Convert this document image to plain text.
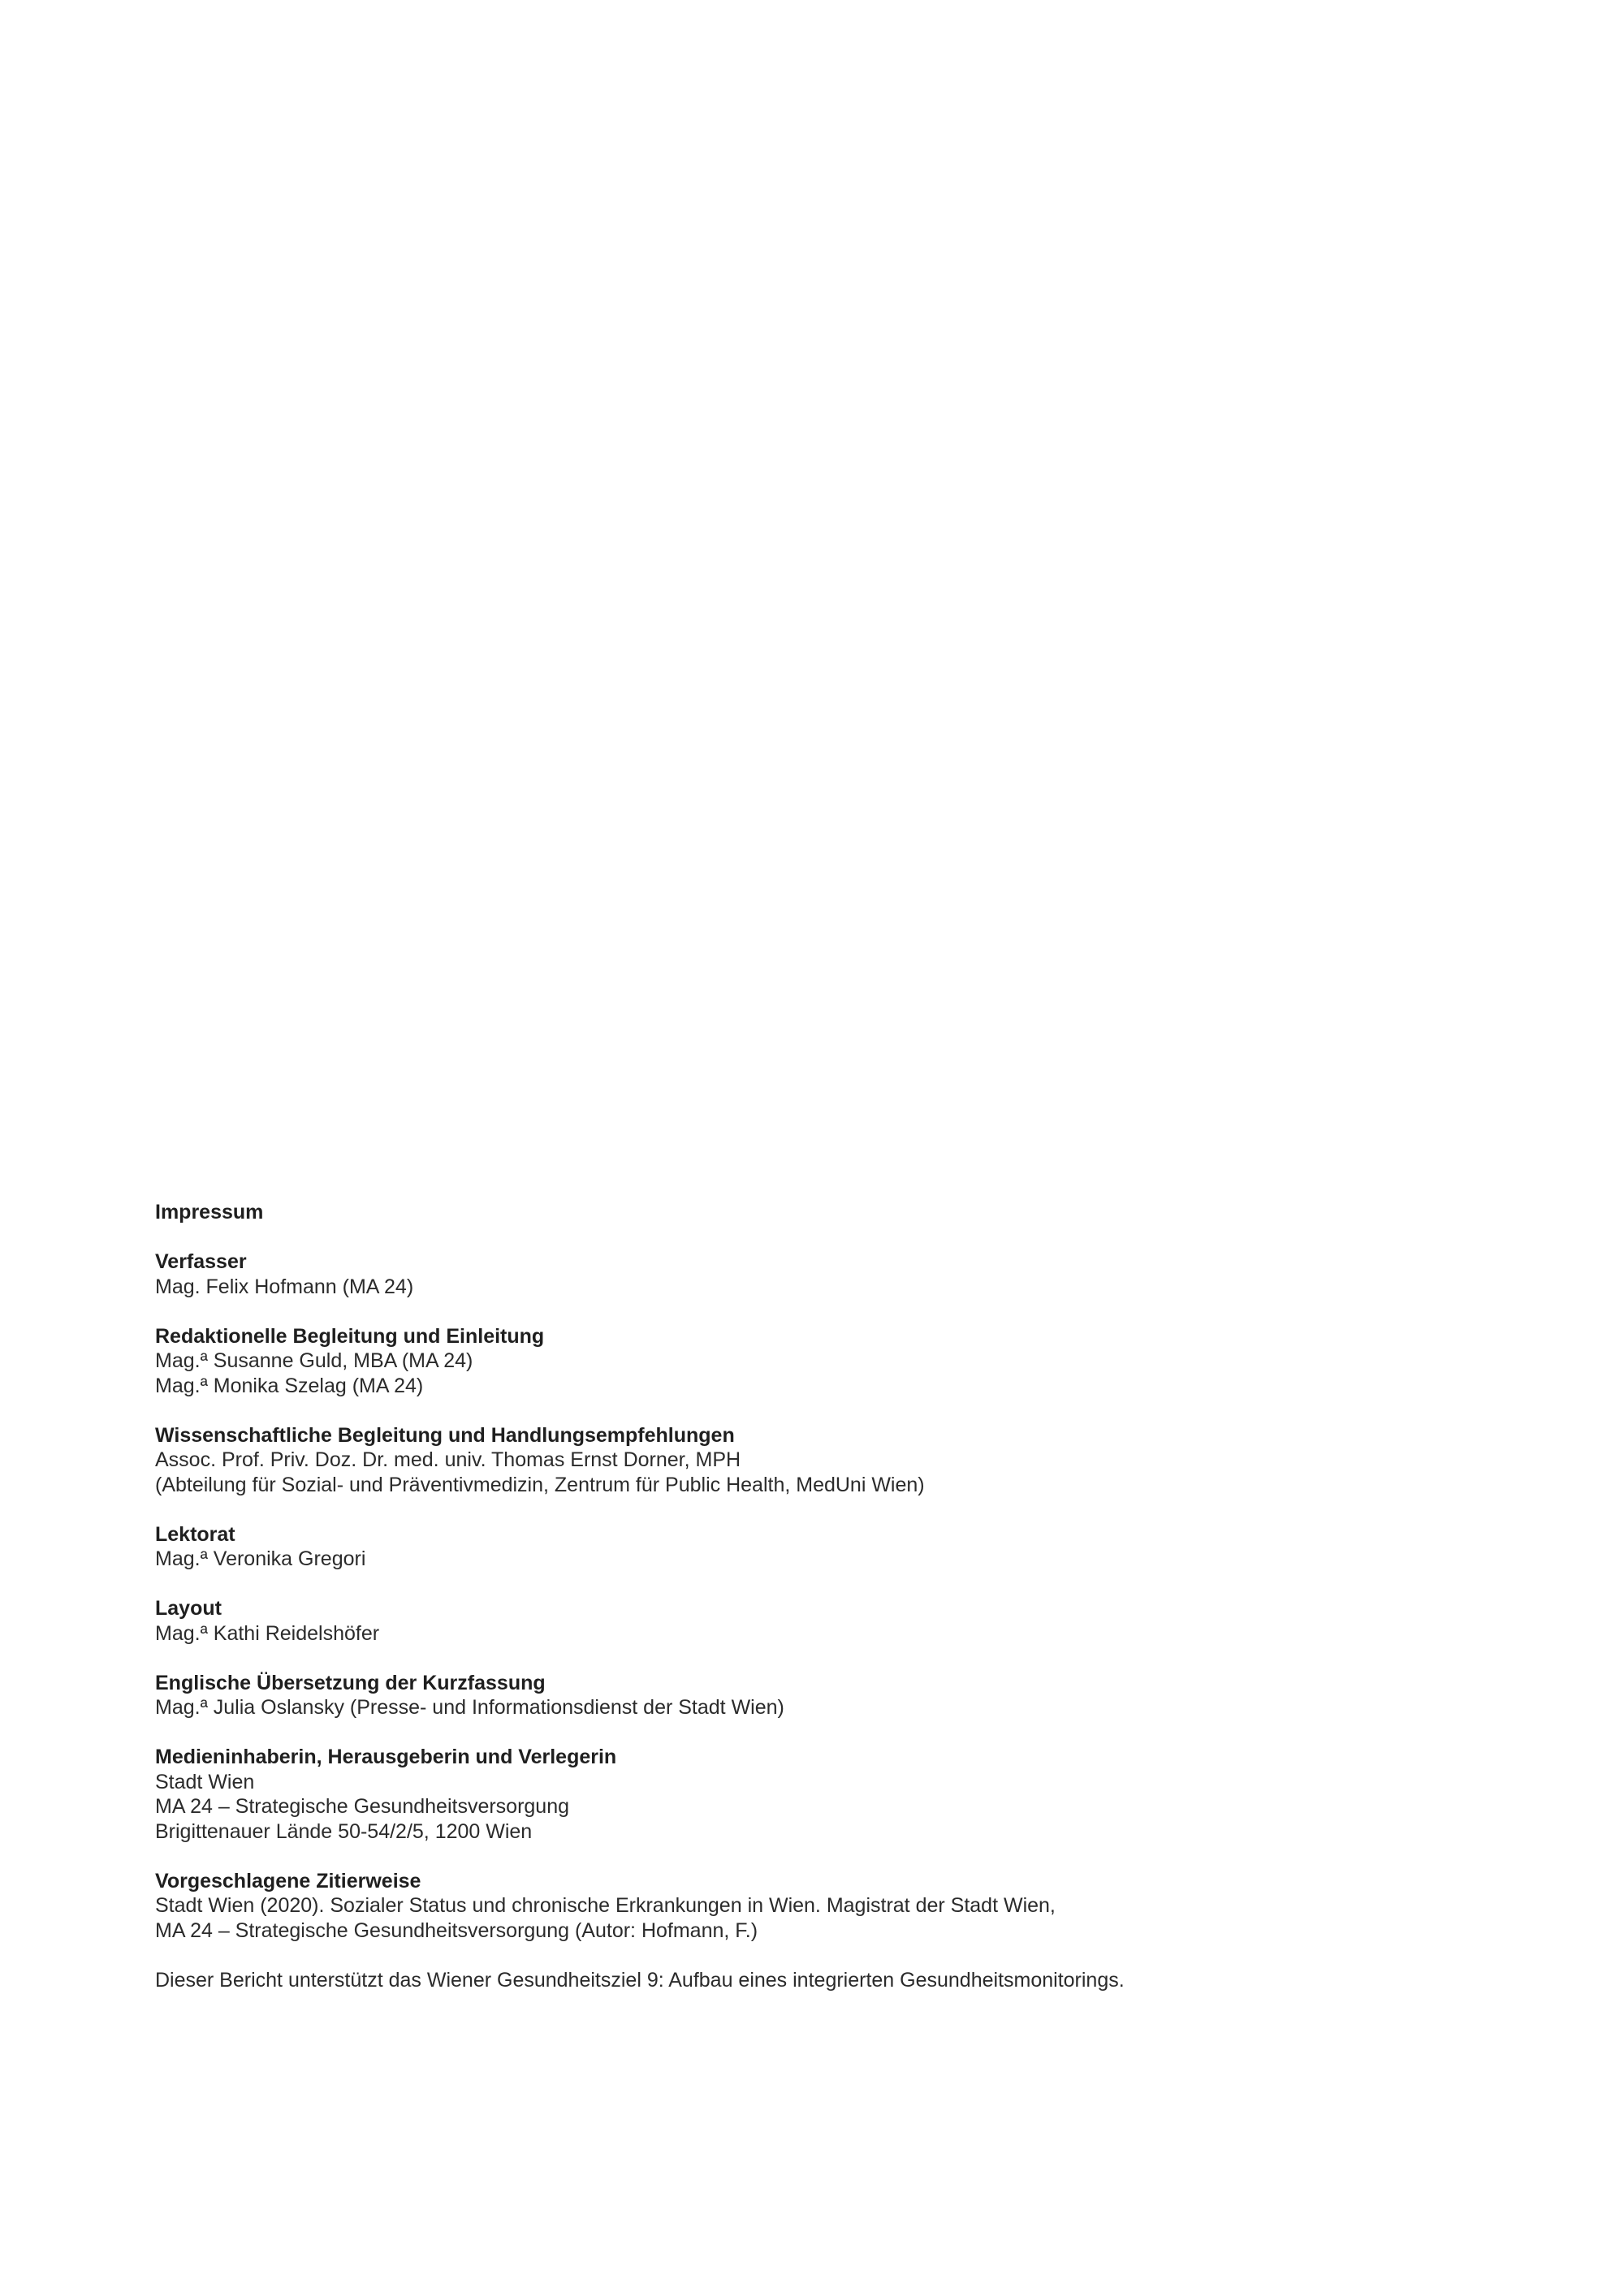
Impressum
Verfasser
Mag. Felix Hofmann (MA 24)
Redaktionelle Begleitung und Einleitung
Mag.ª Susanne Guld, MBA (MA 24)
Mag.ª Monika Szelag (MA 24)
Wissenschaftliche Begleitung und Handlungsempfehlungen
Assoc. Prof. Priv. Doz. Dr. med. univ. Thomas Ernst Dorner, MPH
(Abteilung für Sozial- und Präventivmedizin, Zentrum für Public Health, MedUni Wien)
Lektorat
Mag.ª Veronika Gregori
Layout
Mag.ª Kathi Reidelshöfer
Englische Übersetzung der Kurzfassung
Mag.ª Julia Oslansky (Presse- und Informationsdienst der Stadt Wien)
Medieninhaberin, Herausgeberin und Verlegerin
Stadt Wien
MA 24 – Strategische Gesundheitsversorgung
Brigittenauer Lände 50-54/2/5, 1200 Wien
Vorgeschlagene Zitierweise
Stadt Wien (2020). Sozialer Status und chronische Erkrankungen in Wien. Magistrat der Stadt Wien,
MA 24 – Strategische Gesundheitsversorgung (Autor: Hofmann, F.)
Dieser Bericht unterstützt das Wiener Gesundheitsziel 9: Aufbau eines integrierten Gesundheitsmonitorings.
